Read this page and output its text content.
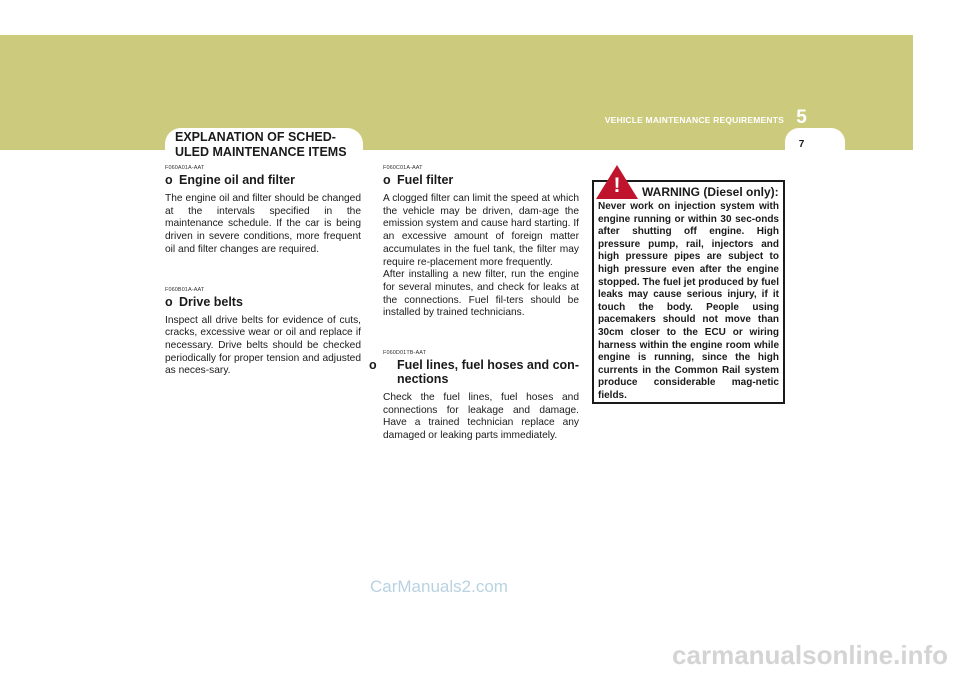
VEHICLE MAINTENANCE REQUIREMENTS 5
7
EXPLANATION OF SCHED-ULED MAINTENANCE ITEMS

F060A01A-AAT

o Engine oil and filter

The engine oil and filter should be changed at the intervals specified in the maintenance schedule. If the car is being driven in severe conditions, more frequent oil and filter changes are required.

F060B01A-AAT

o Drive belts

Inspect all drive belts for evidence of cuts, cracks, excessive wear or oil and replace if necessary. Drive belts should be checked periodically for proper tension and adjusted as neces-sary.

F060C01A-AAT

o Fuel filter

A clogged filter can limit the speed at which the vehicle may be driven, dam-age the emission system and cause hard starting. If an excessive amount of foreign matter accumulates in the fuel tank, the filter may require re-placement more frequently.

After installing a new filter, run the engine for several minutes, and check for leaks at the connections. Fuel fil-ters should be installed by trained technicians.

F060D01TB-AAT

o Fuel lines, fuel hoses and con-nections

Check the fuel lines, fuel hoses and connections for leakage and damage. Have a trained technician replace any damaged or leaking parts immediately.

WARNING (Diesel only):

Never work on injection system with engine running or within 30 sec-onds after shutting off engine. High pressure pump, rail, injectors and high pressure pipes are subject to high pressure even after the engine stopped. The fuel jet produced by fuel leaks may cause serious injury, if it touch the body. People using pacemakers should not move than 30cm closer to the ECU or wiring harness within the engine room while engine is running, since the high currents in the Common Rail system produce considerable mag-netic fields.

!
CarManuals2.com
carmanualsonline.info
